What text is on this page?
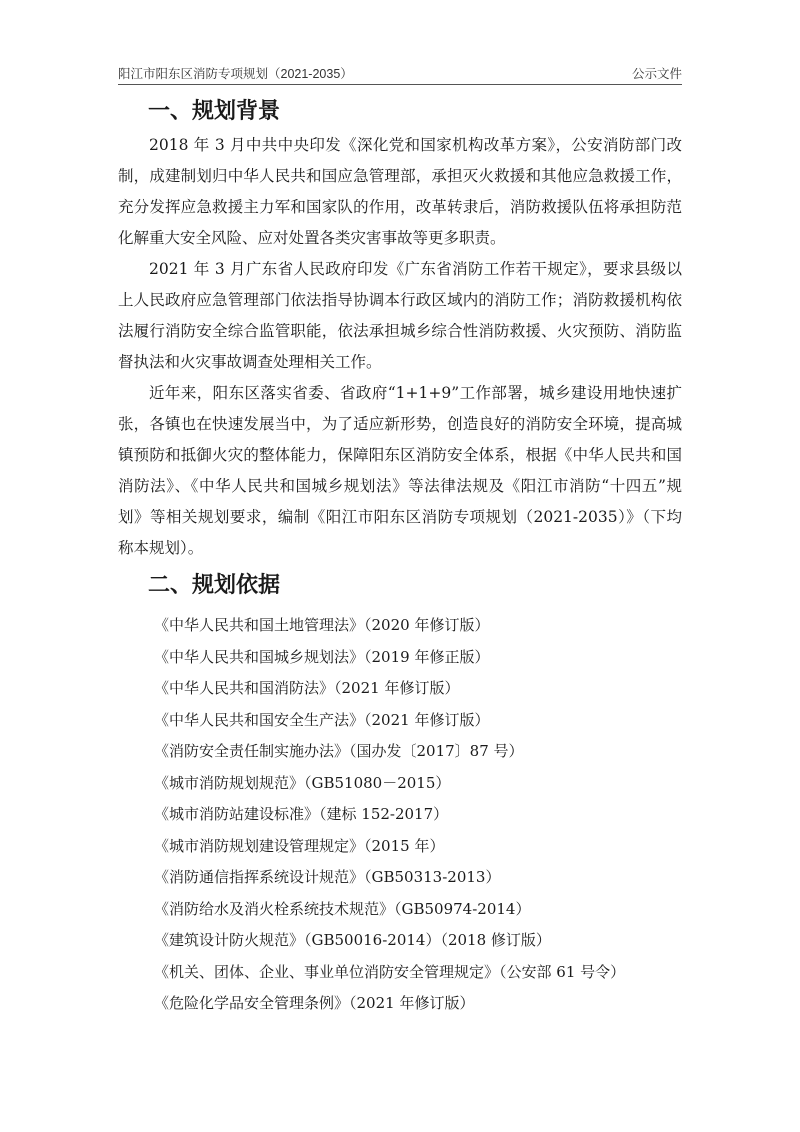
阳江市阳东区消防专项规划（2021-2035）	公示文件
一、规划背景

2018 年 3 月中共中央印发《深化党和国家机构改革方案》，公安消防部门改制，成建制划归中华人民共和国应急管理部，承担灭火救援和其他应急救援工作，充分发挥应急救援主力军和国家队的作用，改革转隶后，消防救援队伍将承担防范化解重大安全风险、应对处置各类灾害事故等更多职责。

2021 年 3 月广东省人民政府印发《广东省消防工作若干规定》，要求县级以上人民政府应急管理部门依法指导协调本行政区域内的消防工作；消防救援机构依法履行消防安全综合监管职能，依法承担城乡综合性消防救援、火灾预防、消防监督执法和火灾事故调查处理相关工作。

近年来，阳东区落实省委、省政府“1+1+9”工作部署，城乡建设用地快速扩张，各镇也在快速发展当中，为了适应新形势，创造良好的消防安全环境，提高城镇预防和抵御火灾的整体能力，保障阳东区消防安全体系，根据《中华人民共和国消防法》、《中华人民共和国城乡规划法》等法律法规及《阳江市消防“十四五”规划》等相关规划要求，编制《阳江市阳东区消防专项规划（2021-2035）》（下均称本规划）。

二、规划依据
《中华人民共和国土地管理法》（2020 年修订版）
《中华人民共和国城乡规划法》（2019 年修正版）
《中华人民共和国消防法》（2021 年修订版）
《中华人民共和国安全生产法》（2021 年修订版）
《消防安全责任制实施办法》（国办发〔2017〕87 号）
《城市消防规划规范》（GB51080－2015）
《城市消防站建设标准》（建标 152-2017）
《城市消防规划建设管理规定》（2015 年）
《消防通信指挥系统设计规范》（GB50313-2013）
《消防给水及消火栓系统技术规范》（GB50974-2014）
《建筑设计防火规范》（GB50016-2014）（2018 修订版）
《机关、团体、企业、事业单位消防安全管理规定》（公安部 61 号令）
《危险化学品安全管理条例》（2021 年修订版）
